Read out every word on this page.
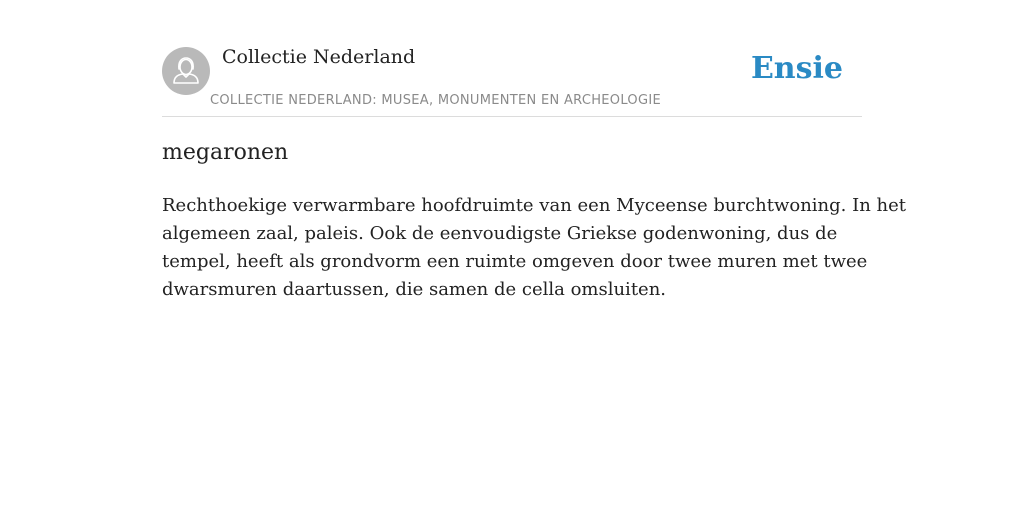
Collectie Nederland
COLLECTIE NEDERLAND: MUSEA, MONUMENTEN EN ARCHEOLOGIE
Ensie
megaronen

Rechthoekige verwarmbare hoofdruimte van een Myceense burchtwoning. In het
algemeen zaal, paleis. Ook de eenvoudigste Griekse godenwoning, dus de
tempel, heeft als grondvorm een ruimte omgeven door twee muren met twee
dwarsmuren daartussen, die samen de cella omsluiten.
